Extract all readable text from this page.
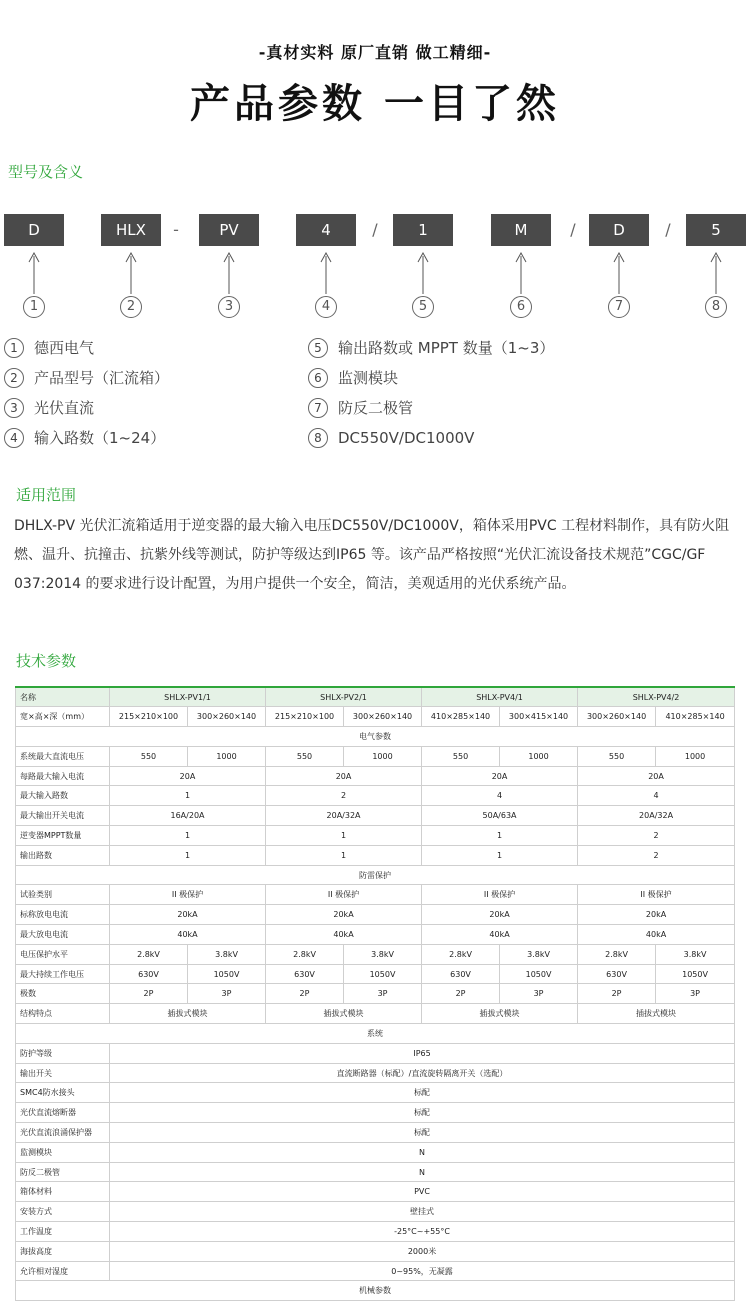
-真材实料 原厂直销 做工精细-
产品参数 一目了然
型号及含义
D	HLX	-	PV	4	/	1	M	/	D	/	5
1	2	3	4	5	6	7	8
1 德西电气
2 产品型号（汇流箱）
3 光伏直流
4 输入路数（1~24）
5 输出路数或 MPPT 数量（1~3）
6 监测模块
7 防反二极管
8 DC550V/DC1000V
适用范围
DHLX-PV 光伏汇流箱适用于逆变器的最大输入电压DC550V/DC1000V，箱体采用PVC 工程材料制作，具有防火阻燃、温升、抗撞击、抗紫外线等测试，防护等级达到IP65 等。该产品严格按照“光伏汇流设备技术规范”CGC/GF 037:2014 的要求进行设计配置，为用户提供一个安全，简洁，美观适用的光伏系统产品。
技术参数
名称	SHLX-PV1/1		SHLX-PV2/1		SHLX-PV4/1		SHLX-PV4/2	
宽×高×深（mm）	215×210×100	300×260×140	215×210×100	300×260×140	410×285×140	300×415×140	300×260×140	410×285×140
电气参数								
系统最大直流电压	550	1000	550	1000	550	1000	550	1000
每路最大输入电流	20A		20A		20A		20A	
最大输入路数	1		2		4		4	
最大输出开关电流	16A/20A		20A/32A		50A/63A		20A/32A	
逆变器MPPT数量	1		1		1		2	
输出路数	1		1		1		2	
防雷保护								
试验类别	II 极保护		II 极保护		II 极保护		II 极保护	
标称放电电流	20kA		20kA		20kA		20kA	
最大放电电流	40kA		40kA		40kA		40kA	
电压保护水平	2.8kV	3.8kV	2.8kV	3.8kV	2.8kV	3.8kV	2.8kV	3.8kV
最大持续工作电压	630V	1050V	630V	1050V	630V	1050V	630V	1050V
极数	2P	3P	2P	3P	2P	3P	2P	3P
结构特点	插拔式模块		插拔式模块		插拔式模块		插拔式模块	
系统								
防护等级	IP65							
输出开关	直流断路器（标配）/直流旋转隔离开关（选配）							
SMC4防水接头	标配							
光伏直流熔断器	标配							
光伏直流浪涌保护器	标配							
监测模块	N							
防反二极管	N							
箱体材料	PVC							
安装方式	壁挂式							
工作温度	-25°C~+55°C							
海拔高度	2000米							
允许相对湿度	0~95%，无凝露							
机械参数								
